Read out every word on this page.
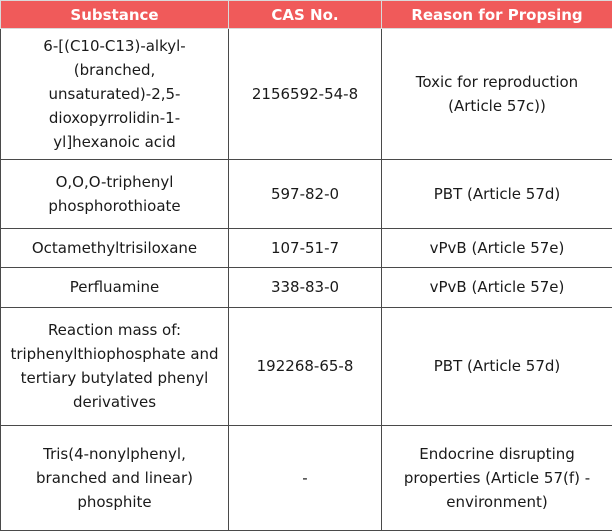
Substance	CAS No.	Reason for Propsing
6-[(C10-C13)-alkyl-(branched, unsaturated)-2,5-dioxopyrrolidin-1-yl]hexanoic acid	2156592-54-8	Toxic for reproduction (Article 57c))
O,O,O-triphenyl phosphorothioate	597-82-0	PBT (Article 57d)
Octamethyltrisiloxane	107-51-7	vPvB (Article 57e)
Perfluamine	338-83-0	vPvB (Article 57e)
Reaction mass of: triphenylthiophosphate and tertiary butylated phenyl derivatives	192268-65-8	PBT (Article 57d)
Tris(4-nonylphenyl, branched and linear) phosphite	-	Endocrine disrupting properties (Article 57(f) - environment)
